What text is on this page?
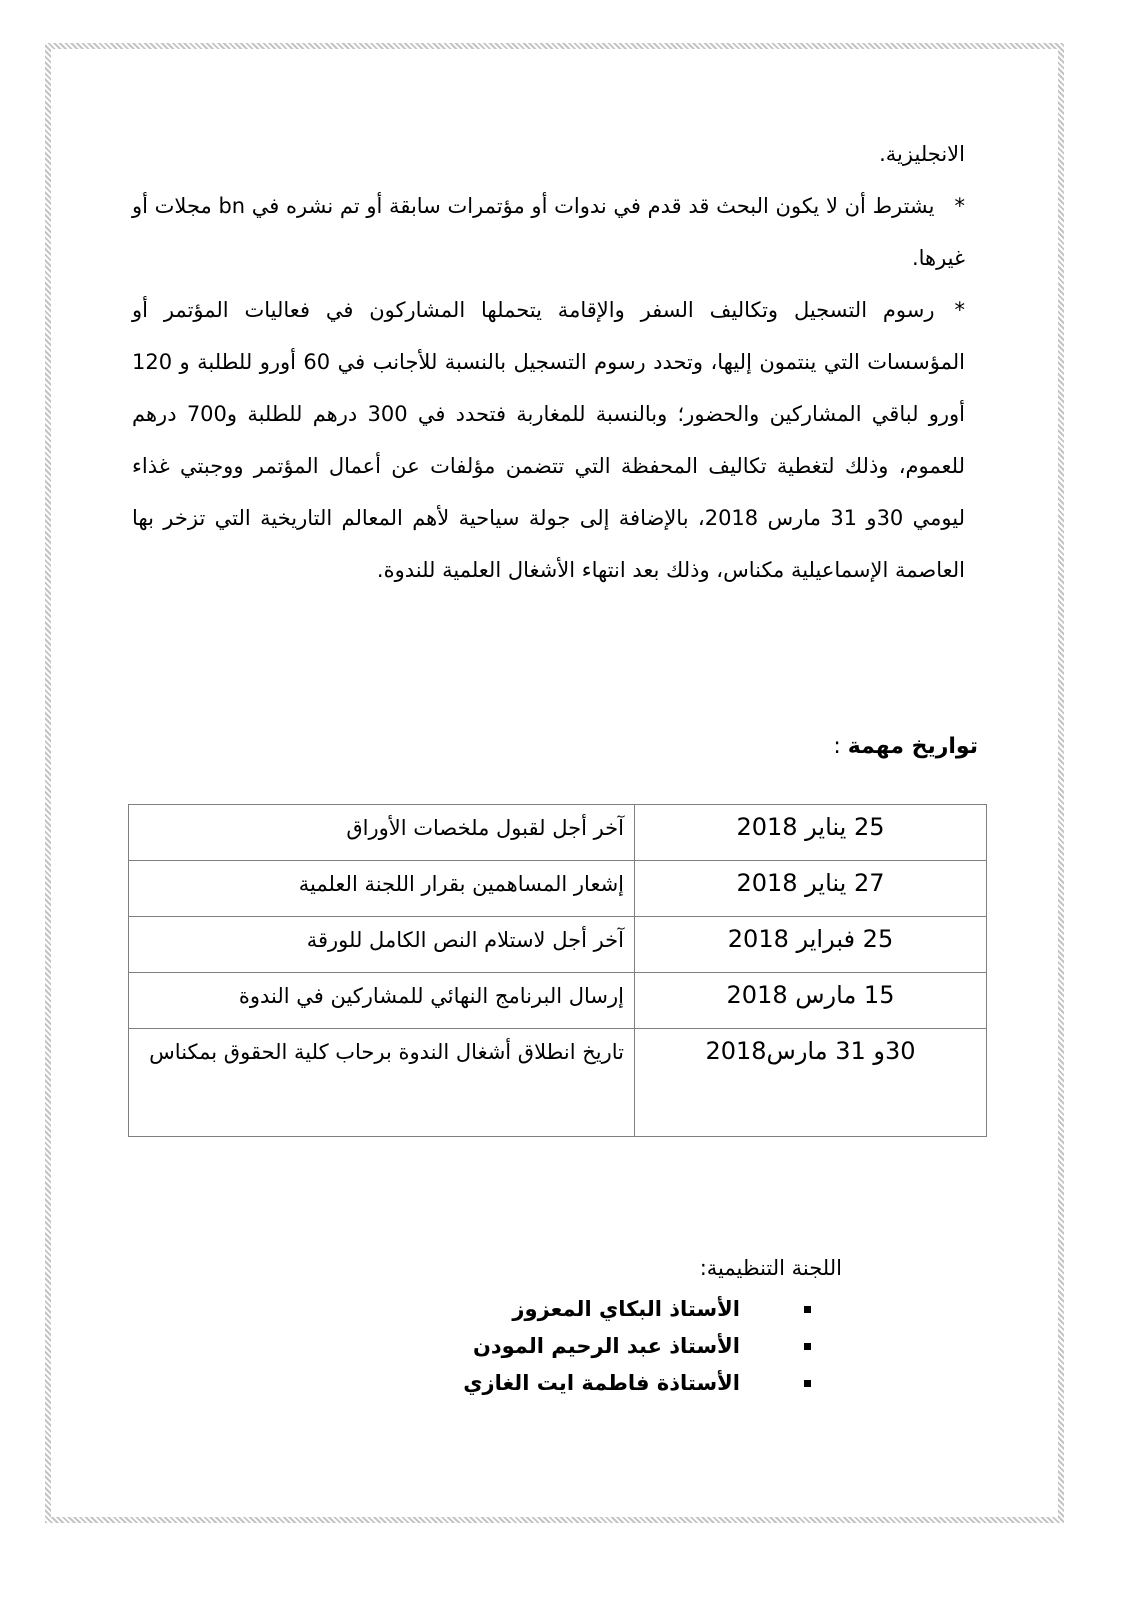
الانجليزية.

*يشترط أن لا يكون البحث قد قدم في ندوات أو مؤتمرات سابقة أو تم نشره في bn مجلات أو غيرها.

*رسوم التسجيل وتكاليف السفر والإقامة يتحملها المشاركون في فعاليات المؤتمر أو المؤسسات التي ينتمون إليها، وتحدد رسوم التسجيل بالنسبة للأجانب في 60 أورو للطلبة و 120 أورو لباقي المشاركين والحضور؛ وبالنسبة للمغاربة فتحدد في 300 درهم للطلبة و700 درهم للعموم، وذلك لتغطية تكاليف المحفظة التي تتضمن مؤلفات عن أعمال المؤتمر ووجبتي غذاء ليومي 30و 31 مارس 2018، بالإضافة إلى جولة سياحية لأهم المعالم التاريخية التي تزخر بها العاصمة الإسماعيلية مكناس، وذلك بعد انتهاء الأشغال العلمية للندوة.

تواريخ مهمة :
25 يناير 2018	آخر أجل لقبول ملخصات الأوراق
27 يناير 2018	إشعار المساهمين بقرار اللجنة العلمية
25 فبراير 2018	آخر أجل لاستلام النص الكامل للورقة
15 مارس 2018	إرسال البرنامج النهائي للمشاركين في الندوة
30و 31 مارس2018	تاريخ انطلاق أشغال الندوة برحاب كلية الحقوق بمكناس

اللجنة التنظيمية:

الأستاذ البكاي المعزوز
الأستاذ عبد الرحيم المودن
الأستاذة فاطمة ايت الغازي
